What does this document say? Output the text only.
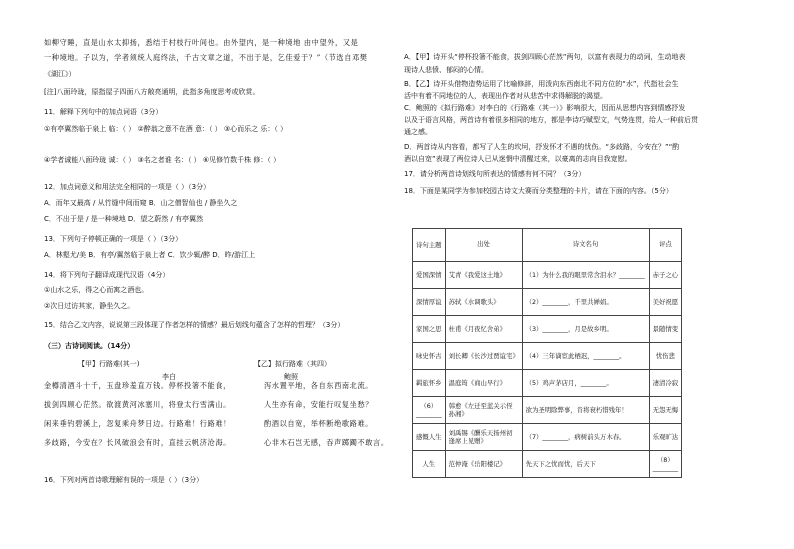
如柳守睡，直是山水太抑扬，悉结于村枝行叶间也。由外望内，是一种境地 由中望外，又是
一种境地。子以为，学者须统人庭终法，千古文章之道，不出于是，乞佳爱于？”（节选自邓樊
《湖江》）
[注]八面玲珑，原指屋子四面八方敞亮通明，此指多角度思考或欣赏。
11．解释下列句中的加点词语（3分）
①有亭翼然临于泉上 临：（ ） ②醉翁之意不在酒 意：（ ） ③心而乐之 乐：（ ）
④学者诚能八面玲珑 诚：（ ） ③名之者谁 名：（ ） ⑥见修竹数千株 修：（ ）
12．加点词意义和用法完全相同的一项是（ ）（3分）
A．而年又最高 / 从竹缝中间而窥 B．山之僧智仙也 / 静坐久之
C．不出于是 / 是一种境地 D．望之蔚然 / 有亭翼然
13．下列句子停顿正确的一项是（ ）（3分）
A．林壑尤/美 B．有亭/翼然临于泉上者 C．饮少辄/醉 D．昨/游江上
14．将下列句子翻译成现代汉语（4分）
①山水之乐，得之心而寓之酒也。
②次日过访其家，静坐久之。
15．结合乙文内容，说说第三段体现了作者怎样的情感？最后划线句蕴含了怎样的哲理？（3分）
（三）古诗词阅读。（14分）
【甲】行路难(其一)	【乙】拟行路难（其四）
李白	鲍照
金樽清酒斗十千，玉盘珍羞直万钱。停杯投箸不能食，	泻水置平地，各自东西南北流。
拔剑四顾心茫然。欲渡黄河冰塞川，将登太行雪满山。	人生亦有命，安能行叹复坐愁？
闲来垂钓碧溪上，忽复乘舟梦日边。行路难！行路难！	酌酒以自宽，举杯断绝歌路难。
多歧路，今安在？长风破浪会有时，直挂云帆济沧海。	心非木石岂无感，吞声踯躅不敢言。
16．下列对两首诗歌理解有误的一项是（ ）（3分）
诗句主题	出处	诗文名句	评点
爱国深情	艾青《我爱这土地》	（1）为什么我的眼里常含泪水？________	赤子之心
深情厚谊	苏轼《水调歌头》	（2）________，千里共婵娟。	美好祝愿
家国之思	杜甫《月夜忆舍弟》	（3）________，月是故乡明。	景随情变
咏史怀古	刘长卿《长沙过贾谊宅》	（4）三年谪宦此栖迟，________。	忧伤悲
羁旅怀乡	温庭筠《商山早行》	（5）鸡声茅店月，________。	凄清冷寂
（6）________	韩愈《左迁至蓝关示侄孙湘》	欲为圣明除弊事，肯将衰朽惜残年！	无怨无悔
感慨人生	刘禹锡《酬乐天扬州初逢席上见赠》	（7）________，病树前头万木春。	乐观旷达
人生	范仲淹《岳阳楼记》	先天下之忧而忧，后天下	（8）________
A．【甲】诗开头“停杯投箸不能食，拔剑四顾心茫然”两句，以富有表现力的动词，生动地表
现诗人悲愤、郁闷的心情。
B．【乙】诗开头借物造势运用了比喻修辞，用泼向东西南北不同方位的“水”，代指社会生
活中有着不同地位的人，表现出作者对从悲苦中求得解脱的渴望。
C．鲍照的《拟行路难》对李白的《行路难（其一）》影响很大，因而从思想内容到情感抒发
以及于语言风格，两首诗有着很多相同的地方，都是李诗巧赋型文，气势连贯，给人一种前后贯
通之感。
D．两首诗从内容看，都写了人生的坎坷，抒发怀才不遇的忧伤。“多歧路，今安在？”“酌
酒以自宽”表现了两位诗人已从迷惘中清醒过来，以豪离的志向目我宽慰。
17．请分析两首诗划线句所表达的情感有何不同？（3分）
18．下面是某同学为参加校园古诗文大赛而分类整理的卡片，请在下面的内容。（5分）
